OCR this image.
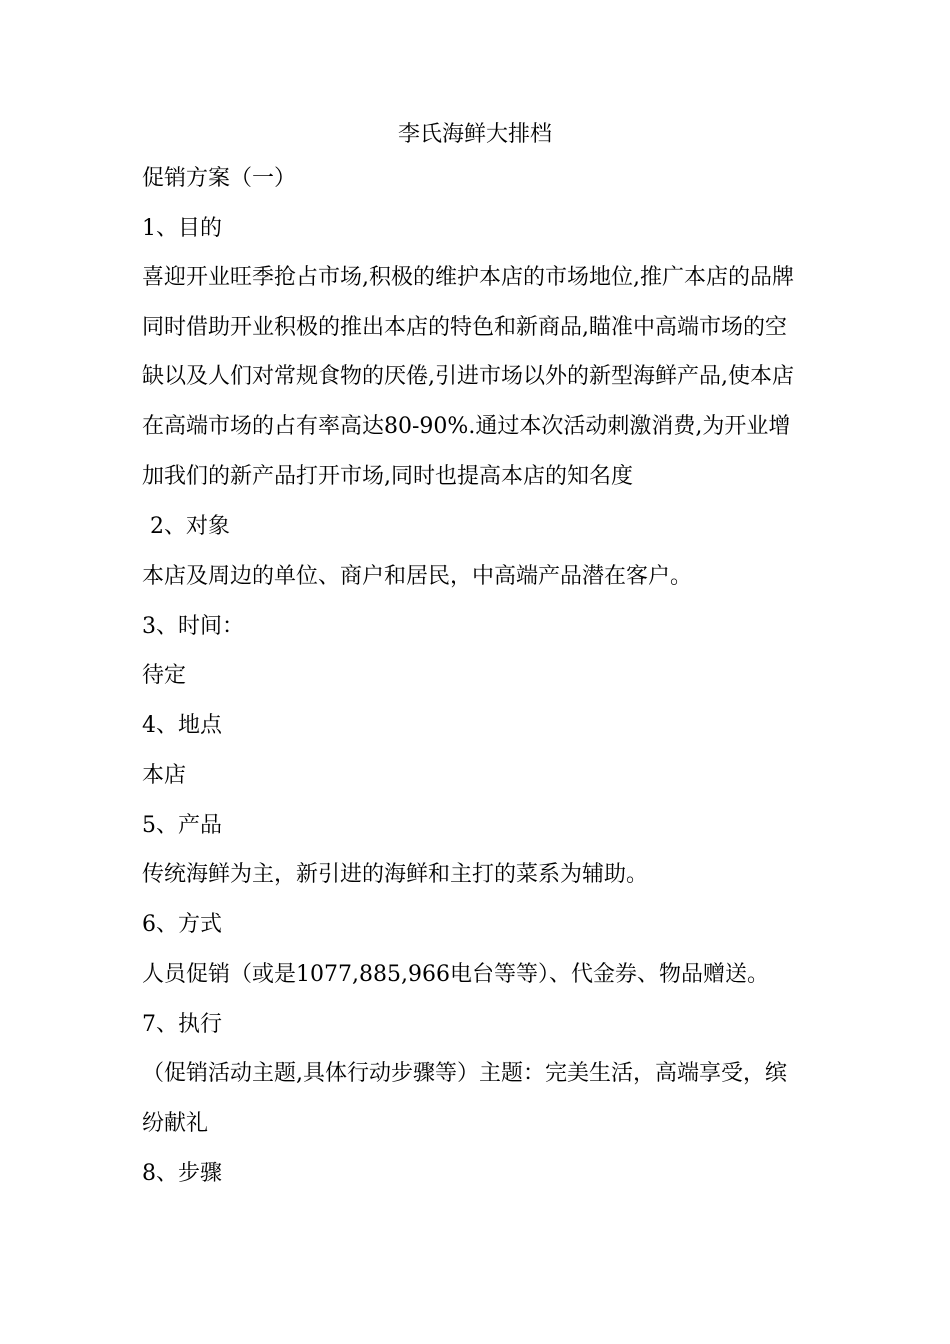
李氏海鲜大排档
促销方案（一）
1、目的
喜迎开业旺季抢占市场,积极的维护本店的市场地位,推广本店的品牌
同时借助开业积极的推出本店的特色和新商品,瞄准中高端市场的空
缺以及人们对常规食物的厌倦,引进市场以外的新型海鲜产品,使本店
在高端市场的占有率高达80-90%.通过本次活动刺激消费,为开业增
加我们的新产品打开市场,同时也提高本店的知名度
2、对象
本店及周边的单位、商户和居民，中高端产品潜在客户。
3、时间：
待定
4、地点
本店
5、产品
传统海鲜为主，新引进的海鲜和主打的菜系为辅助。
6、方式
人员促销（或是1077,885,966电台等等）、代金券、物品赠送。
7、执行
（促销活动主题,具体行动步骤等）主题：完美生活，高端享受，缤
纷献礼
8、步骤
